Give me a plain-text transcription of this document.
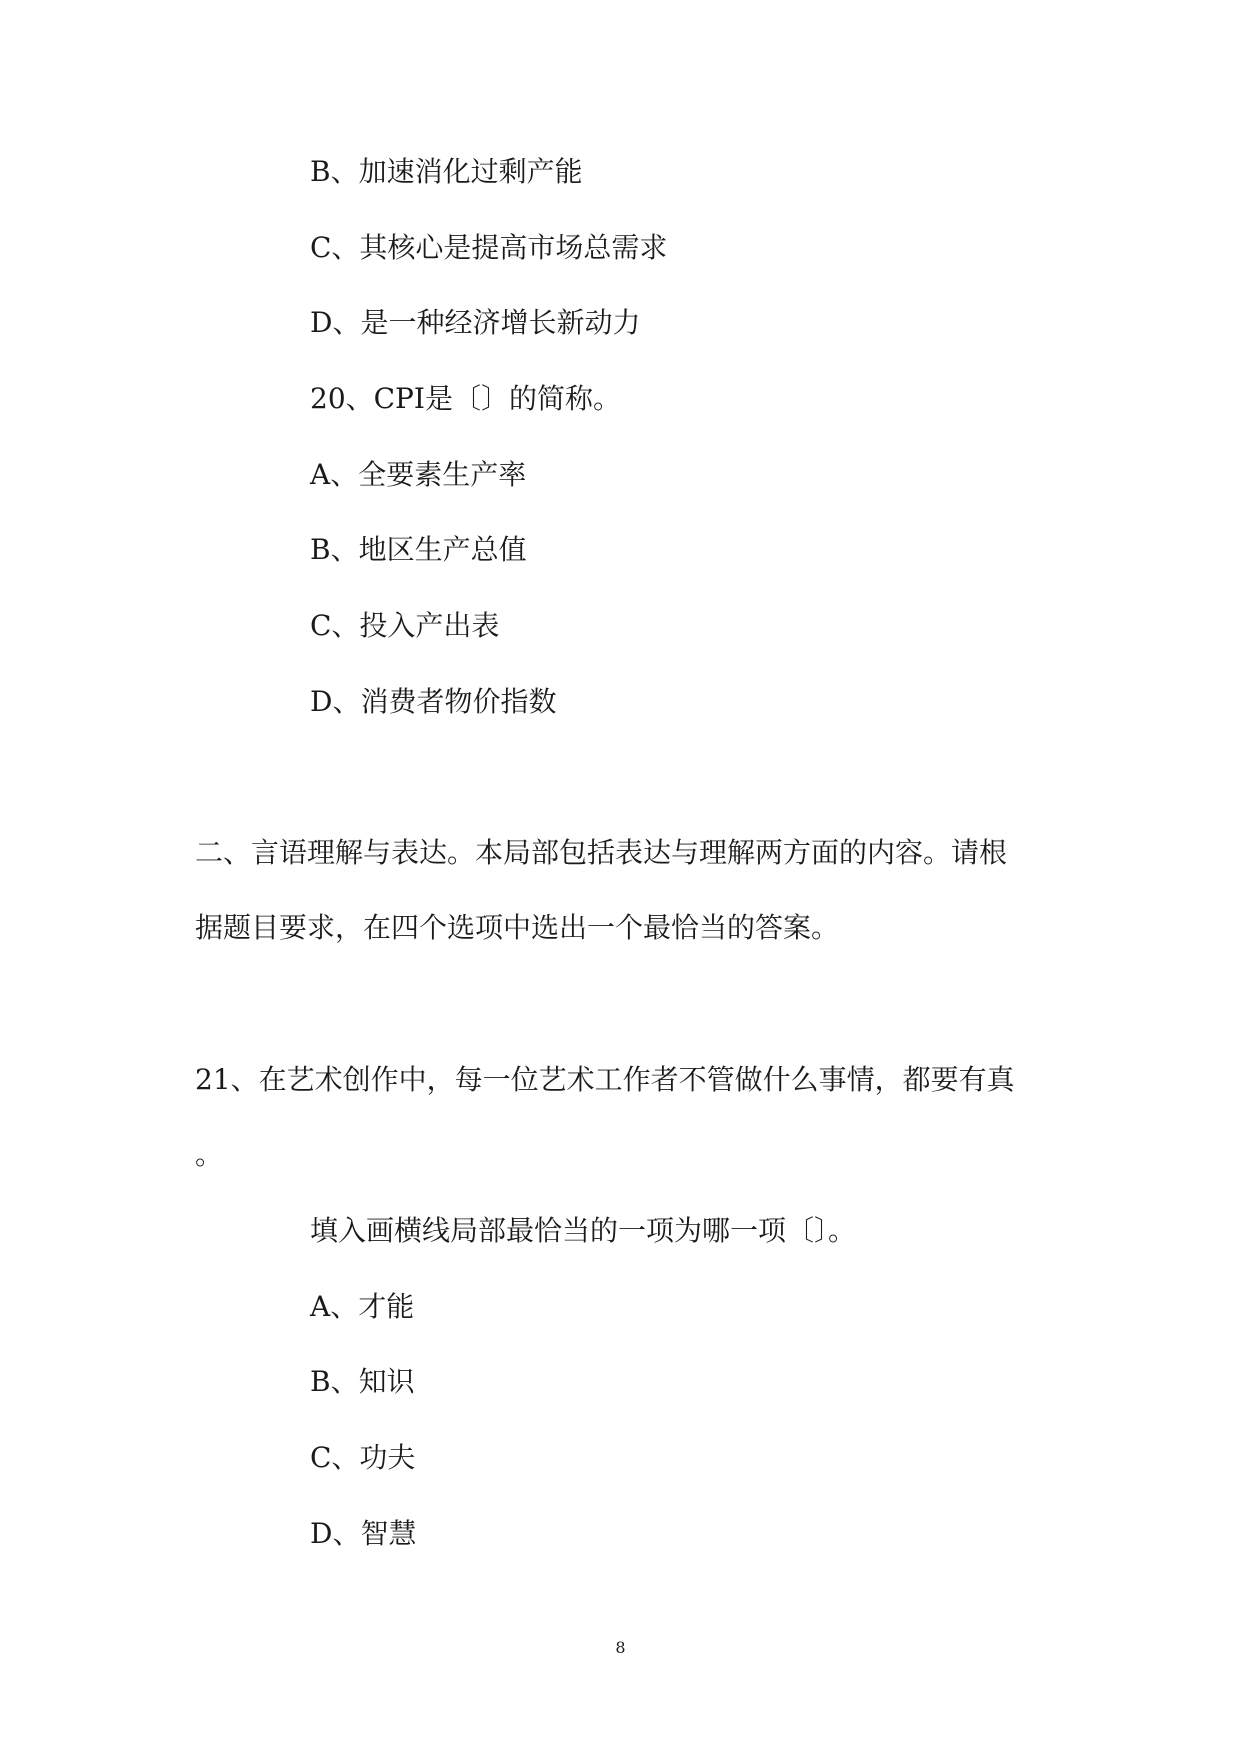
B、加速消化过剩产能
C、其核心是提高市场总需求
D、是一种经济增长新动力
20、CPI是〔〕的简称。
A、全要素生产率
B、地区生产总值
C、投入产出表
D、消费者物价指数
二、言语理解与表达。本局部包括表达与理解两方面的内容。请根
据题目要求，在四个选项中选出一个最恰当的答案。
21、在艺术创作中，每一位艺术工作者不管做什么事情，都要有真
。
填入画横线局部最恰当的一项为哪一项〔〕。
A、才能
B、知识
C、功夫
D、智慧
8
